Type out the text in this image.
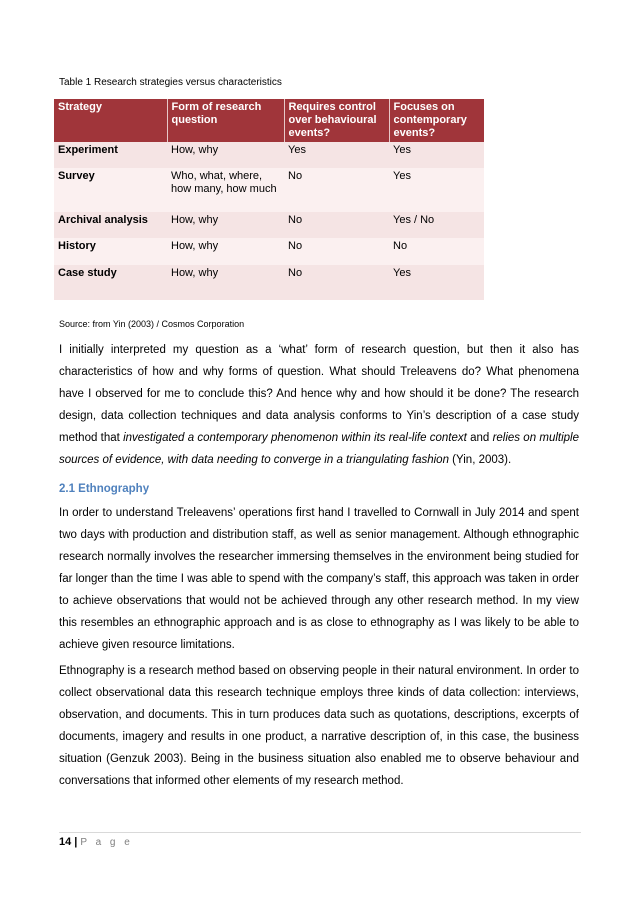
Table 1 Research strategies versus characteristics
Strategy	Form of research question	Requires control over behavioural events?	Focuses on contemporary events?
Experiment	How, why	Yes	Yes
Survey	Who, what, where, how many, how much	No	Yes
Archival analysis	How, why	No	Yes / No
History	How, why	No	No
Case study	How, why	No	Yes
Source: from Yin (2003) / Cosmos Corporation

I initially interpreted my question as a ‘what’ form of research question, but then it also has characteristics of how and why forms of question. What should Treleavens do? What phenomena have I observed for me to conclude this? And hence why and how should it be done? The research design, data collection techniques and data analysis conforms to Yin’s description of a case study method that investigated a contemporary phenomenon within its real-life context and relies on multiple sources of evidence, with data needing to converge in a triangulating fashion (Yin, 2003).

2.1 Ethnography

In order to understand Treleavens’ operations first hand I travelled to Cornwall in July 2014 and spent two days with production and distribution staff, as well as senior management. Although ethnographic research normally involves the researcher immersing themselves in the environment being studied for far longer than the time I was able to spend with the company’s staff, this approach was taken in order to achieve observations that would not be achieved through any other research method. In my view this resembles an ethnographic approach and is as close to ethnography as I was likely to be able to achieve given resource limitations.

Ethnography is a research method based on observing people in their natural environment. In order to collect observational data this research technique employs three kinds of data collection: interviews, observation, and documents. This in turn produces data such as quotations, descriptions, excerpts of documents, imagery and results in one product, a narrative description of, in this case, the business situation (Genzuk 2003). Being in the business situation also enabled me to observe behaviour and conversations that informed other elements of my research method.

14 | P a g e
